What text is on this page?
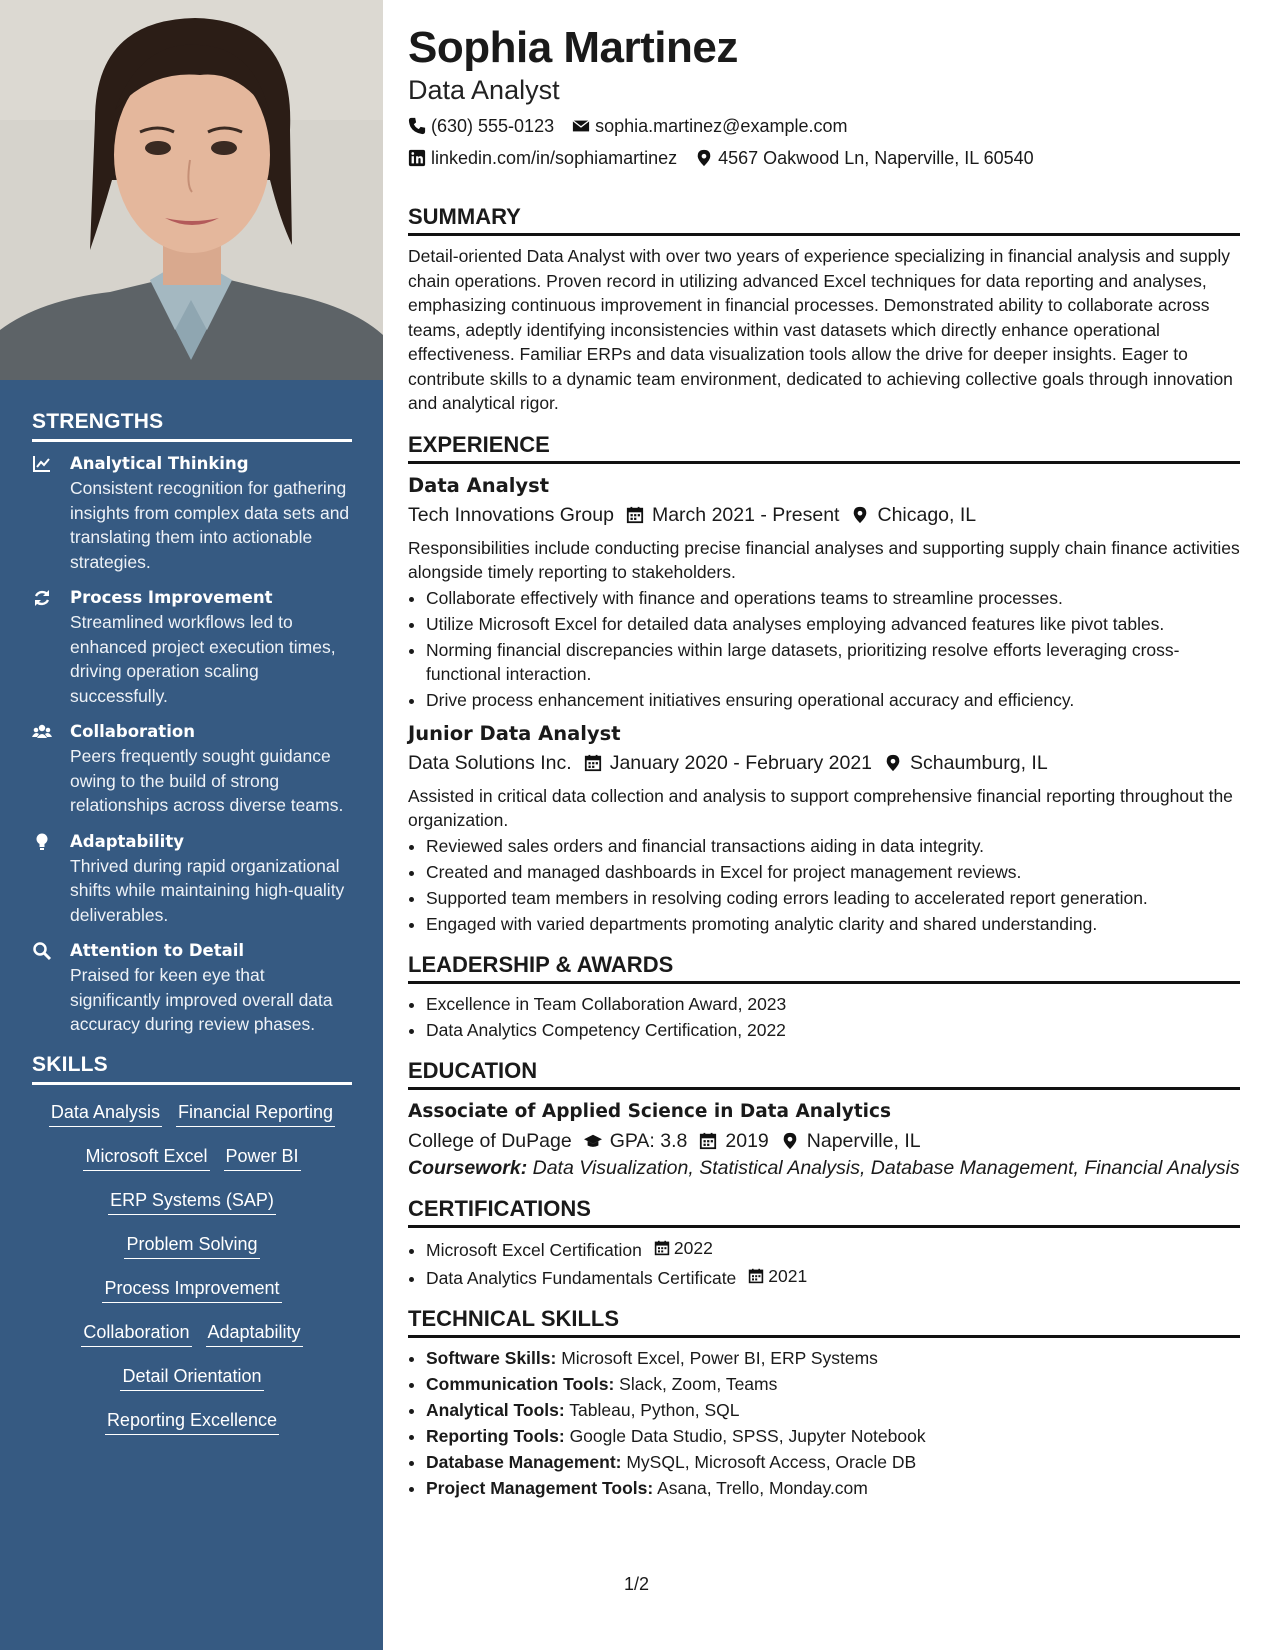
STRENGTHS
Analytical Thinking
Consistent recognition for gathering insights from complex data sets and translating them into actionable strategies.
Process Improvement
Streamlined workflows led to enhanced project execution times, driving operation scaling successfully.
Collaboration
Peers frequently sought guidance owing to the build of strong relationships across diverse teams.
Adaptability
Thrived during rapid organizational shifts while maintaining high-quality deliverables.
Attention to Detail
Praised for keen eye that significantly improved overall data accuracy during review phases.
SKILLS
Data Analysis Financial Reporting
Microsoft Excel Power BI
ERP Systems (SAP)
Problem Solving
Process Improvement
Collaboration Adaptability
Detail Orientation
Reporting Excellence
Sophia Martinez
Data Analyst
(630) 555-0123 sophia.martinez@example.com
linkedin.com/in/sophiamartinez 4567 Oakwood Ln, Naperville, IL 60540
SUMMARY
Detail-oriented Data Analyst with over two years of experience specializing in financial analysis and supply chain operations. Proven record in utilizing advanced Excel techniques for data reporting and analyses, emphasizing continuous improvement in financial processes. Demonstrated ability to collaborate across teams, adeptly identifying inconsistencies within vast datasets which directly enhance operational effectiveness. Familiar ERPs and data visualization tools allow the drive for deeper insights. Eager to contribute skills to a dynamic team environment, dedicated to achieving collective goals through innovation and analytical rigor.
EXPERIENCE
Data Analyst
Tech Innovations Group March 2021 - Present Chicago, IL
Responsibilities include conducting precise financial analyses and supporting supply chain finance activities alongside timely reporting to stakeholders.
• Collaborate effectively with finance and operations teams to streamline processes.
• Utilize Microsoft Excel for detailed data analyses employing advanced features like pivot tables.
• Norming financial discrepancies within large datasets, prioritizing resolve efforts leveraging cross-functional interaction.
• Drive process enhancement initiatives ensuring operational accuracy and efficiency.
Junior Data Analyst
Data Solutions Inc. January 2020 - February 2021 Schaumburg, IL
Assisted in critical data collection and analysis to support comprehensive financial reporting throughout the organization.
• Reviewed sales orders and financial transactions aiding in data integrity.
• Created and managed dashboards in Excel for project management reviews.
• Supported team members in resolving coding errors leading to accelerated report generation.
• Engaged with varied departments promoting analytic clarity and shared understanding.
LEADERSHIP & AWARDS
• Excellence in Team Collaboration Award, 2023
• Data Analytics Competency Certification, 2022
EDUCATION
Associate of Applied Science in Data Analytics
College of DuPage GPA: 3.8 2019 Naperville, IL
Coursework: Data Visualization, Statistical Analysis, Database Management, Financial Analysis
CERTIFICATIONS
• Microsoft Excel Certification 2022
• Data Analytics Fundamentals Certificate 2021
TECHNICAL SKILLS
• Software Skills: Microsoft Excel, Power BI, ERP Systems
• Communication Tools: Slack, Zoom, Teams
• Analytical Tools: Tableau, Python, SQL
• Reporting Tools: Google Data Studio, SPSS, Jupyter Notebook
• Database Management: MySQL, Microsoft Access, Oracle DB
• Project Management Tools: Asana, Trello, Monday.com
1/2
